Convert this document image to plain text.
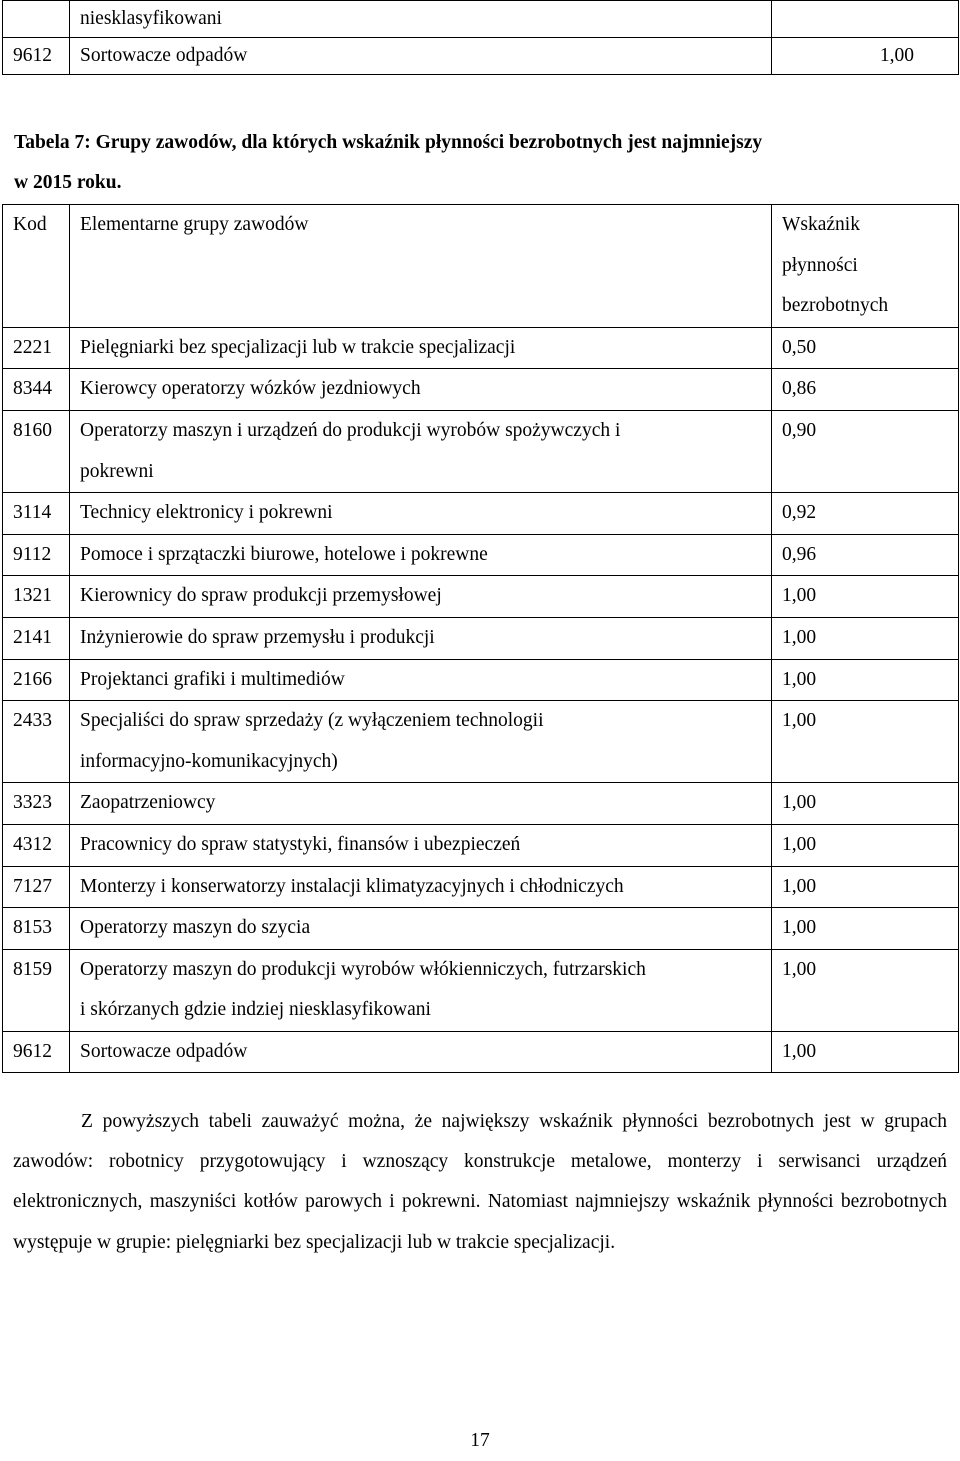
	niesklasyfikowani	
9612	Sortowacze odpadów	1,00
Tabela 7: Grupy zawodów, dla których wskaźnik płynności bezrobotnych jest najmniejszy
w 2015 roku.
Kod	Elementarne grupy zawodów	Wskaźnik
płynności
bezrobotnych

2221	Pielęgniarki bez specjalizacji lub w trakcie specjalizacji	0,50
8344	Kierowcy operatorzy wózków jezdniowych	0,86
8160	Operatorzy maszyn i urządzeń do produkcji wyrobów spożywczych i
pokrewni	0,90
3114	Technicy elektronicy i pokrewni	0,92
9112	Pomoce i sprzątaczki biurowe, hotelowe i pokrewne	0,96
1321	Kierownicy do spraw produkcji przemysłowej	1,00
2141	Inżynierowie do spraw przemysłu i produkcji	1,00
2166	Projektanci grafiki i multimediów	1,00
2433	Specjaliści do spraw sprzedaży (z wyłączeniem technologii
informacyjno-komunikacyjnych)	1,00
3323	Zaopatrzeniowcy	1,00
4312	Pracownicy do spraw statystyki, finansów i ubezpieczeń	1,00
7127	Monterzy i konserwatorzy instalacji klimatyzacyjnych i chłodniczych	1,00
8153	Operatorzy maszyn do szycia	1,00
8159	Operatorzy maszyn do produkcji wyrobów włókienniczych, futrzarskich
i skórzanych gdzie indziej niesklasyfikowani	1,00
9612	Sortowacze odpadów	1,00
Z powyższych tabeli zauważyć można, że największy wskaźnik płynności bezrobotnych jest w grupach zawodów: robotnicy przygotowujący i wznoszący konstrukcje metalowe, monterzy i serwisanci urządzeń elektronicznych, maszyniści kotłów parowych i pokrewni. Natomiast najmniejszy wskaźnik płynności bezrobotnych występuje w grupie: pielęgniarki bez specjalizacji lub w trakcie specjalizacji.
17
